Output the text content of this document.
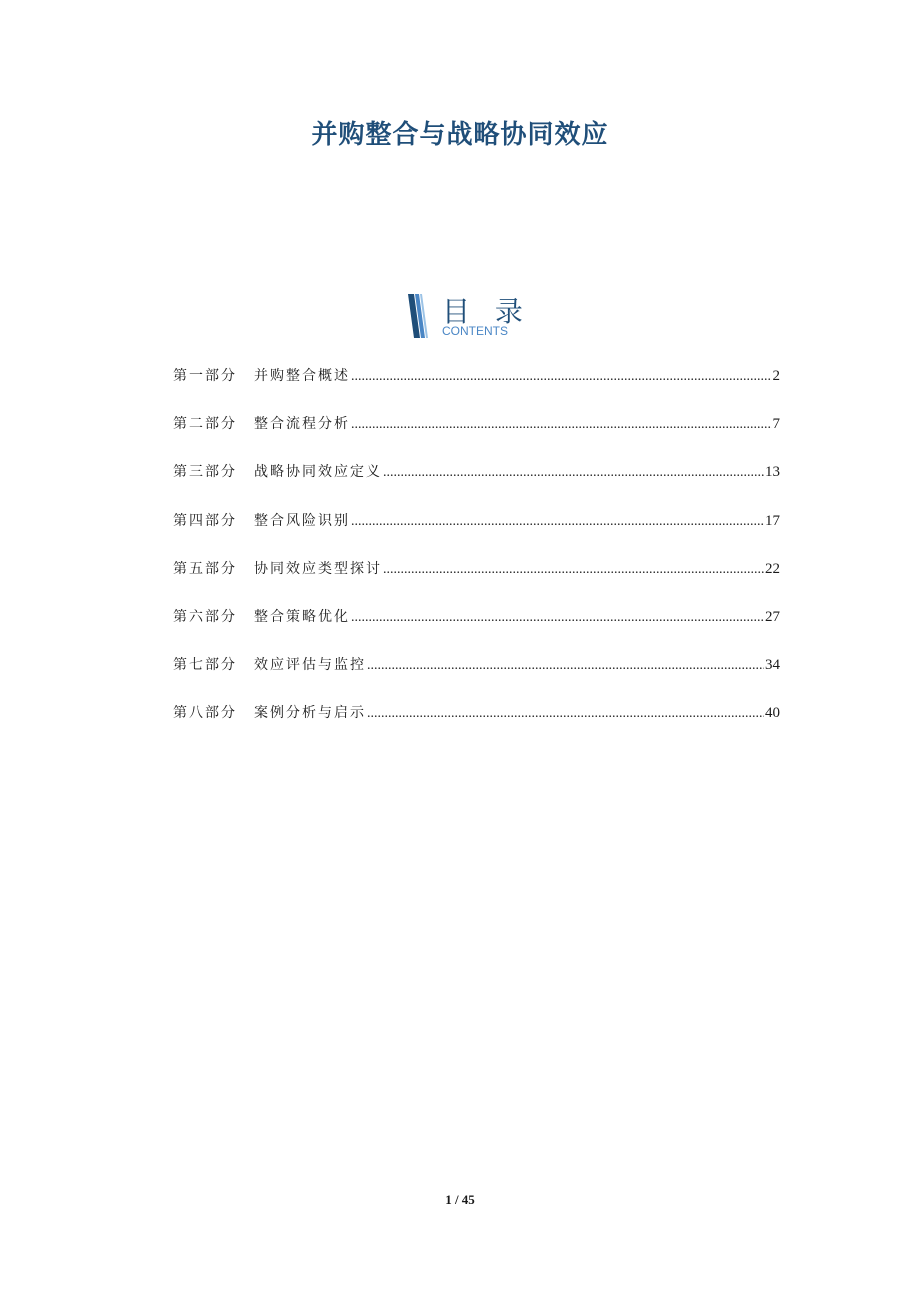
并购整合与战略协同效应
目 录
CONTENTS
第一部分	并购整合概述 .....	2
第二部分	整合流程分析 .....	7
第三部分	战略协同效应定义 .....	13
第四部分	整合风险识别 .....	17
第五部分	协同效应类型探讨 .....	22
第六部分	整合策略优化 .....	27
第七部分	效应评估与监控 .....	34
第八部分	案例分析与启示 .....	40
1 / 45
